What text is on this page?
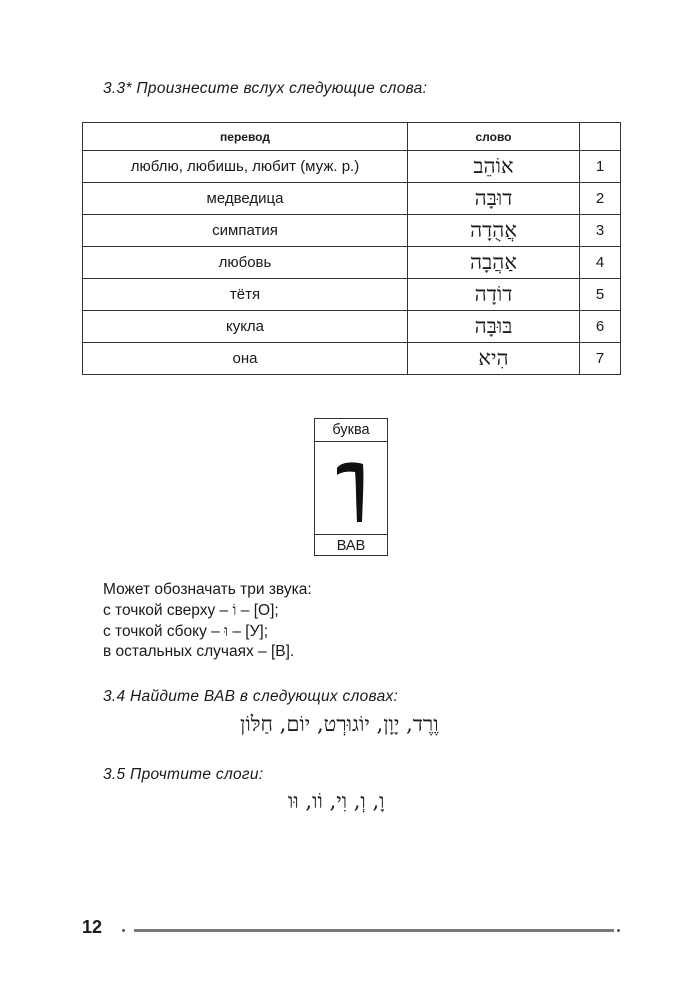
3.3* Произнесите вслух следующие слова:
перевод	слово	
люблю, любишь, любит (муж. р.)	אוֹהֵב	1
медведица	דוּבָּה	2
симпатия	אֲהֻדָה	3
любовь	אַהֲבָה	4
тётя	דוֹדָה	5
кукла	בּוּבָּה	6
она	הִיא	7
буква
ВАВ
Может обозначать три звука:
с точкой сверху – וֹ – [О];
с точкой сбоку – וּ – [У];
в остальных случаях – [В].
3.4 Найдите ВАВ в следующих словах:
וֶרֶד, יָוָן, יוֹגוּרְט, יוֹם, חַלּוֹן
3.5 Прочтите слоги:
וָ, וְ, וִי, וֹו, וּו
12
